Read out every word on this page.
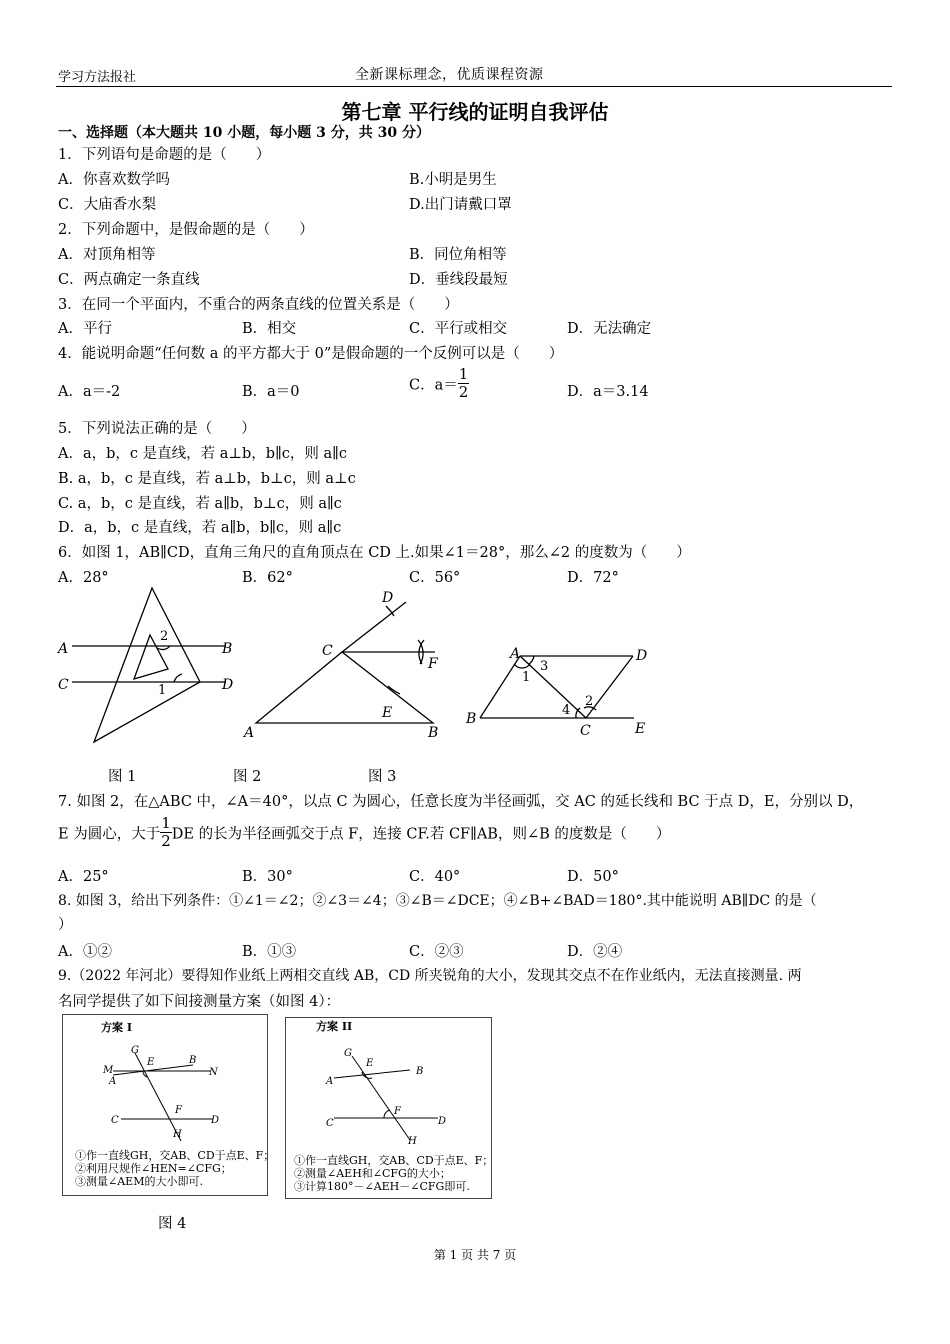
学习方法报社	全新课标理念，优质课程资源
第七章 平行线的证明自我评估
一、选择题（本大题共 10 小题，每小题 3 分，共 30 分）
1．下列语句是命题的是（　　）
A．你喜欢数学吗	B.小明是男生
C．大庙香水梨	D.出门请戴口罩
2．下列命题中，是假命题的是（　　）
A．对顶角相等	B．同位角相等
C．两点确定一条直线	D．垂线段最短
3．在同一个平面内，不重合的两条直线的位置关系是（　　）
A．平行	B．相交	C．平行或相交	D．无法确定
4．能说明命题“任何数 a 的平方都大于 0”是假命题的一个反例可以是（　　）
A．a＝-2	B．a＝0	C．$a= \frac{1}{2}$	D．a＝3.14
5．下列说法正确的是（　　）
A．a，b，c 是直线，若 a⊥b，b∥c，则 a∥c
B. a，b，c 是直线，若 a⊥b，b⊥c，则 a⊥c
C. a，b，c 是直线，若 a∥b，b⊥c，则 a∥c
D．a，b，c 是直线，若 a∥b，b∥c，则 a∥c
6．如图 1，AB∥CD，直角三角尺的直角顶点在 CD 上.如果∠1＝28°，那么∠2 的度数为（　　）
A．28°	B．62°	C．56°	D．72°
A	B
C	D
1
2
D
C
F
E
A	B
A	D
3
1
2
4
B
C	E
图 1	图 2	图 3
7. 如图 2，在△ABC 中，∠A＝40°，以点 C 为圆心，任意长度为半径画弧，交 AC 的延长线和 BC 于点 D，E，分别以 D，
E 为圆心，大于 $\frac{1}{2}$ DE 的长为半径画弧交于点 F，连接 CF.若 CF∥AB，则∠B 的度数是（　　）
A．25°	B．30°	C．40°	D．50°
8. 如图 3，给出下列条件：①∠1＝∠2；②∠3＝∠4；③∠B＝∠DCE；④∠B+∠BAD＝180°.其中能说明 AB∥DC 的是（
）
A．①②	B．①③	C．②③	D．②④
9.（2022 年河北）要得知作业纸上两相交直线 AB，CD 所夹锐角的大小，发现其交点不在作业纸内，无法直接测量. 两
名同学提供了如下间接测量方案（如图 4）：
方案 I
G
E	B
M
A
N
C
F
D
H
①作一直线GH，交AB、CD于点E、F；
②利用尺规作∠HEN=∠CFG；
③测量∠AEM的大小即可.
方案 II
G
E
A
B
C
F
D
H
①作一直线GH，交AB、CD于点E、F；
②测量∠AEH和∠CFG的大小；
③计算180°－∠AEH－∠CFG即可.
图 4
第 1 页 共 7 页
